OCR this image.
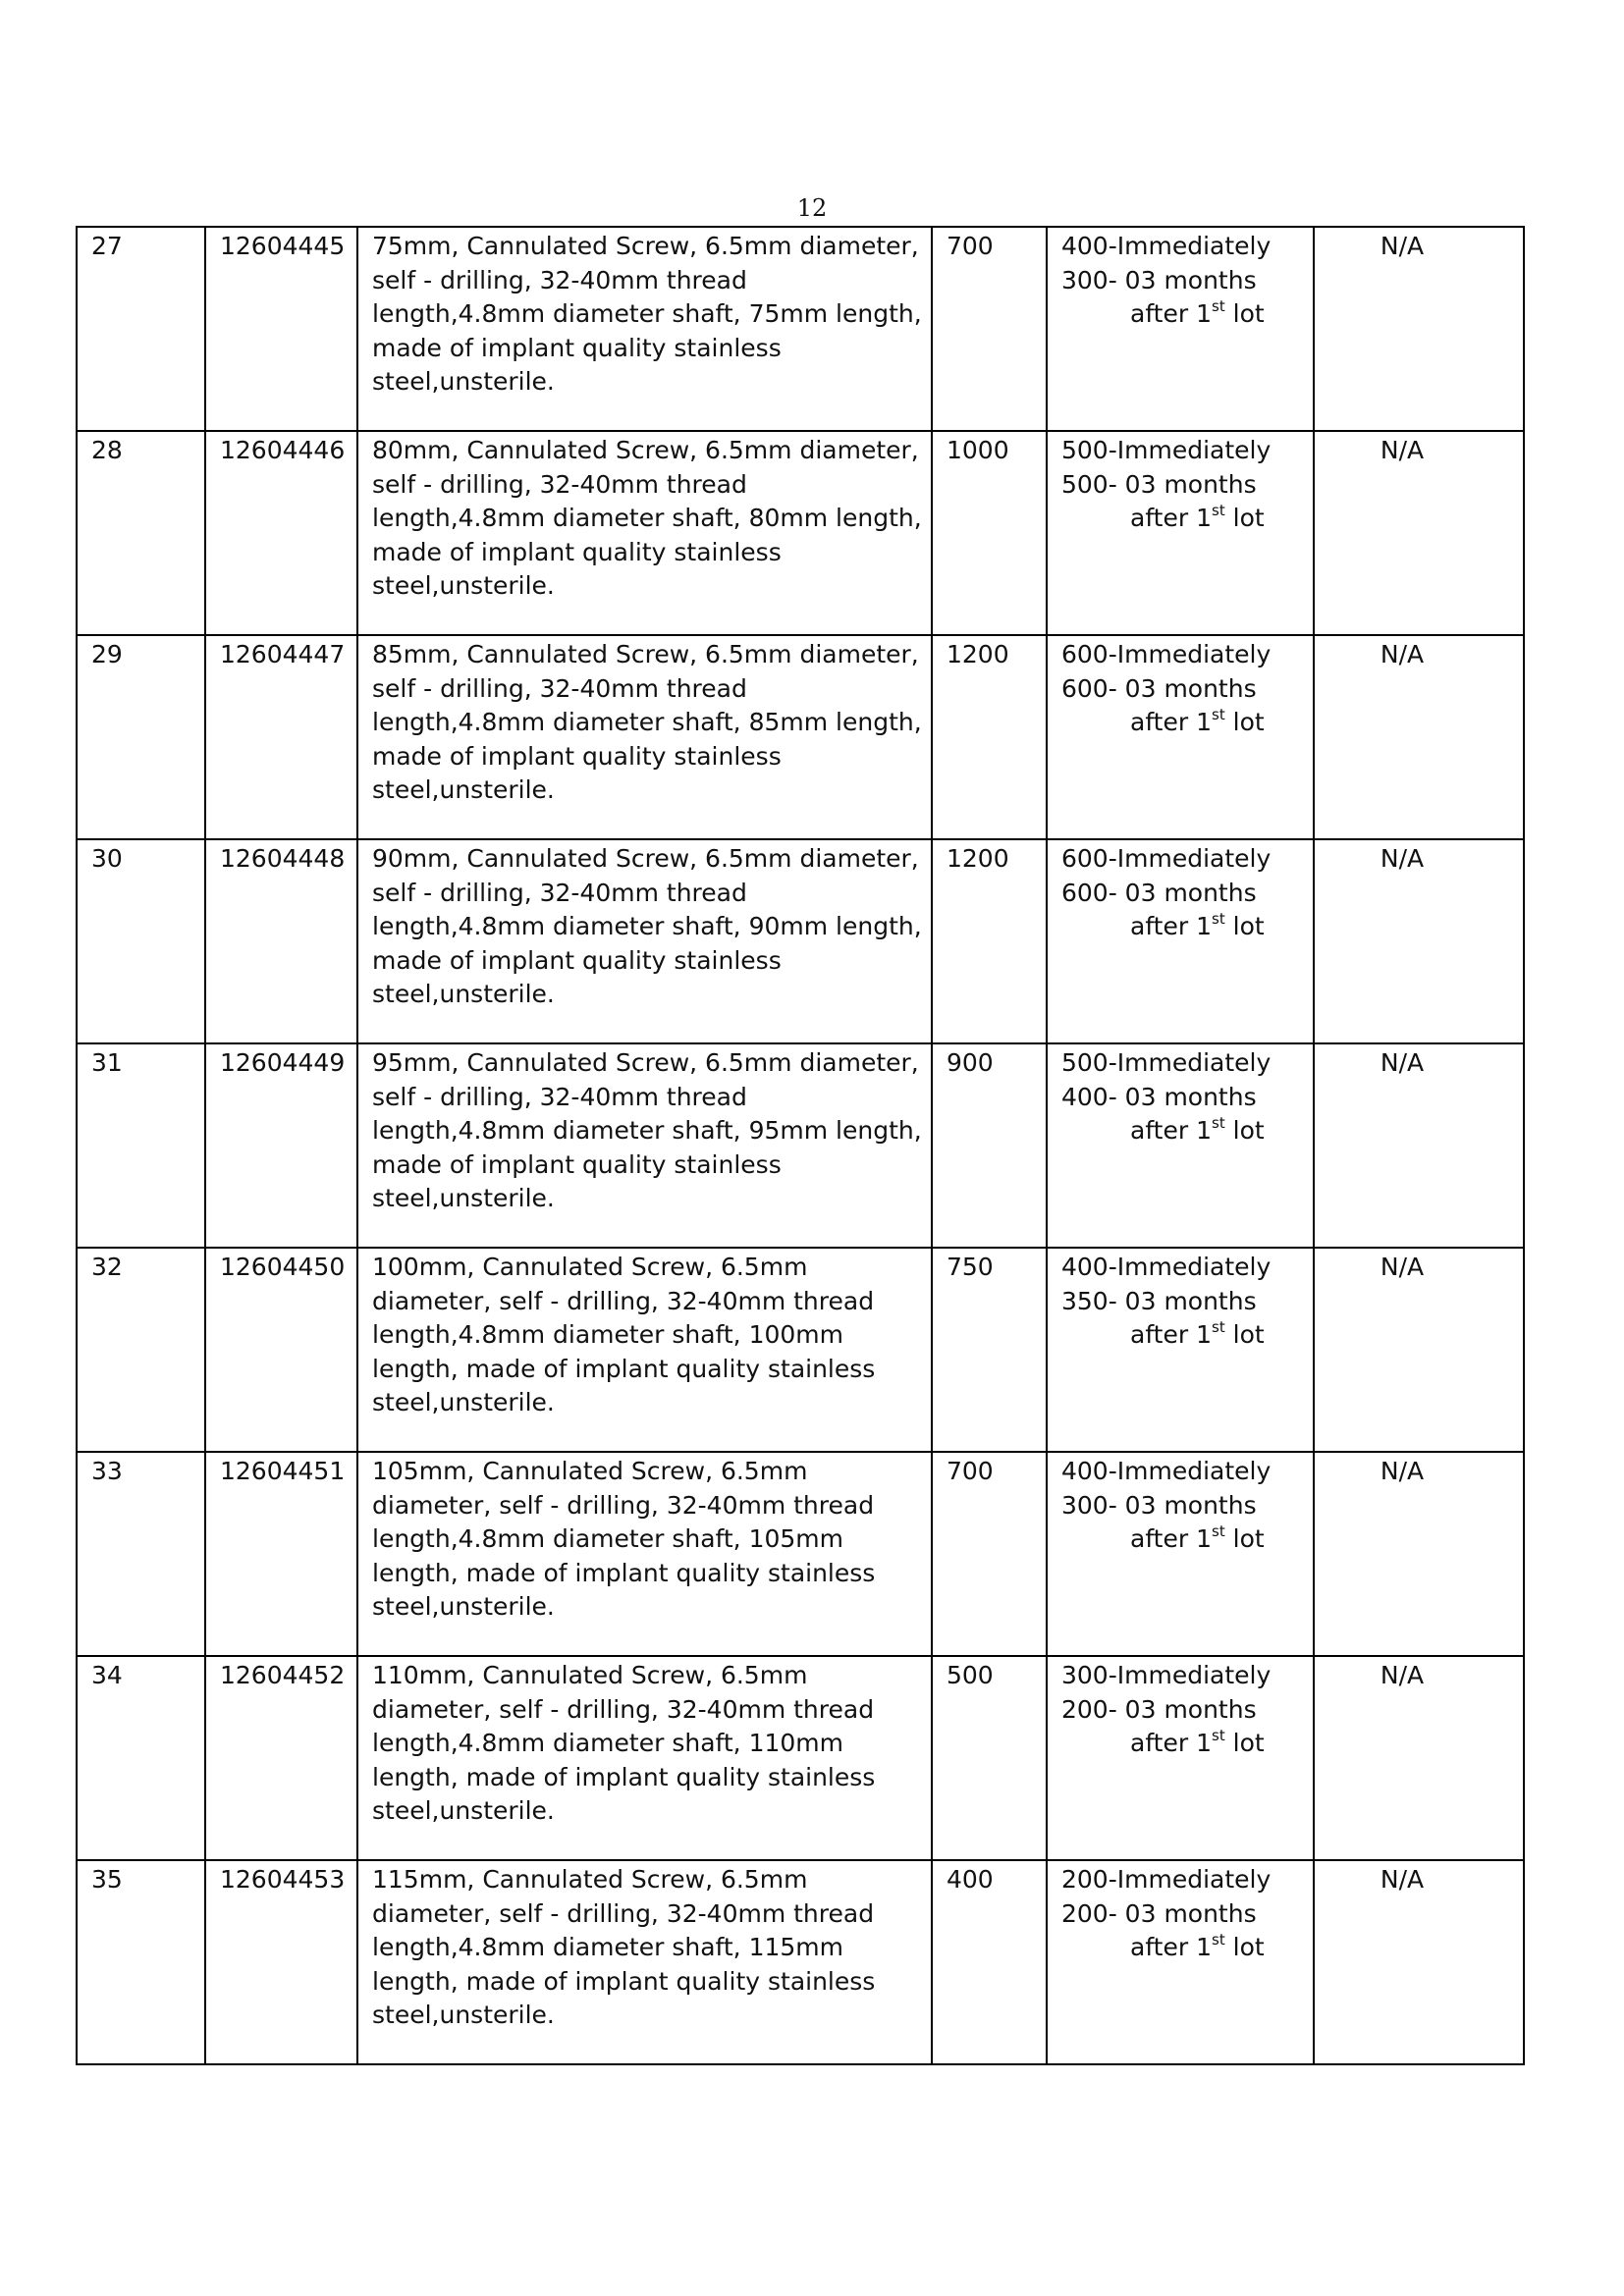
12
27	12604445	75mm, Cannulated Screw, 6.5mm diameter, self - drilling, 32-40mm thread length,4.8mm diameter shaft, 75mm length, made of implant quality stainless steel,unsterile.	700	400-Immediately
300- 03 months
after 1st lot	N/A

28	12604446	80mm, Cannulated Screw, 6.5mm diameter, self - drilling, 32-40mm thread length,4.8mm diameter shaft, 80mm length, made of implant quality stainless steel,unsterile.	1000	500-Immediately
500- 03 months
after 1st lot	N/A

29	12604447	85mm, Cannulated Screw, 6.5mm diameter, self - drilling, 32-40mm thread length,4.8mm diameter shaft, 85mm length, made of implant quality stainless steel,unsterile.	1200	600-Immediately
600- 03 months
after 1st lot	N/A

30	12604448	90mm, Cannulated Screw, 6.5mm diameter, self - drilling, 32-40mm thread length,4.8mm diameter shaft, 90mm length, made of implant quality stainless steel,unsterile.	1200	600-Immediately
600- 03 months
after 1st lot	N/A

31	12604449	95mm, Cannulated Screw, 6.5mm diameter, self - drilling, 32-40mm thread length,4.8mm diameter shaft, 95mm length, made of implant quality stainless steel,unsterile.	900	500-Immediately
400- 03 months
after 1st lot	N/A

32	12604450	100mm, Cannulated Screw, 6.5mm diameter, self - drilling, 32-40mm thread length,4.8mm diameter shaft, 100mm length, made of implant quality stainless steel,unsterile.	750	400-Immediately
350- 03 months
after 1st lot	N/A

33	12604451	105mm, Cannulated Screw, 6.5mm diameter, self - drilling, 32-40mm thread length,4.8mm diameter shaft, 105mm length, made of implant quality stainless steel,unsterile.	700	400-Immediately
300- 03 months
after 1st lot	N/A

34	12604452	110mm, Cannulated Screw, 6.5mm diameter, self - drilling, 32-40mm thread length,4.8mm diameter shaft, 110mm length, made of implant quality stainless steel,unsterile.	500	300-Immediately
200- 03 months
after 1st lot	N/A

35	12604453	115mm, Cannulated Screw, 6.5mm diameter, self - drilling, 32-40mm thread length,4.8mm diameter shaft, 115mm length, made of implant quality stainless steel,unsterile.	400	200-Immediately
200- 03 months
after 1st lot	N/A
